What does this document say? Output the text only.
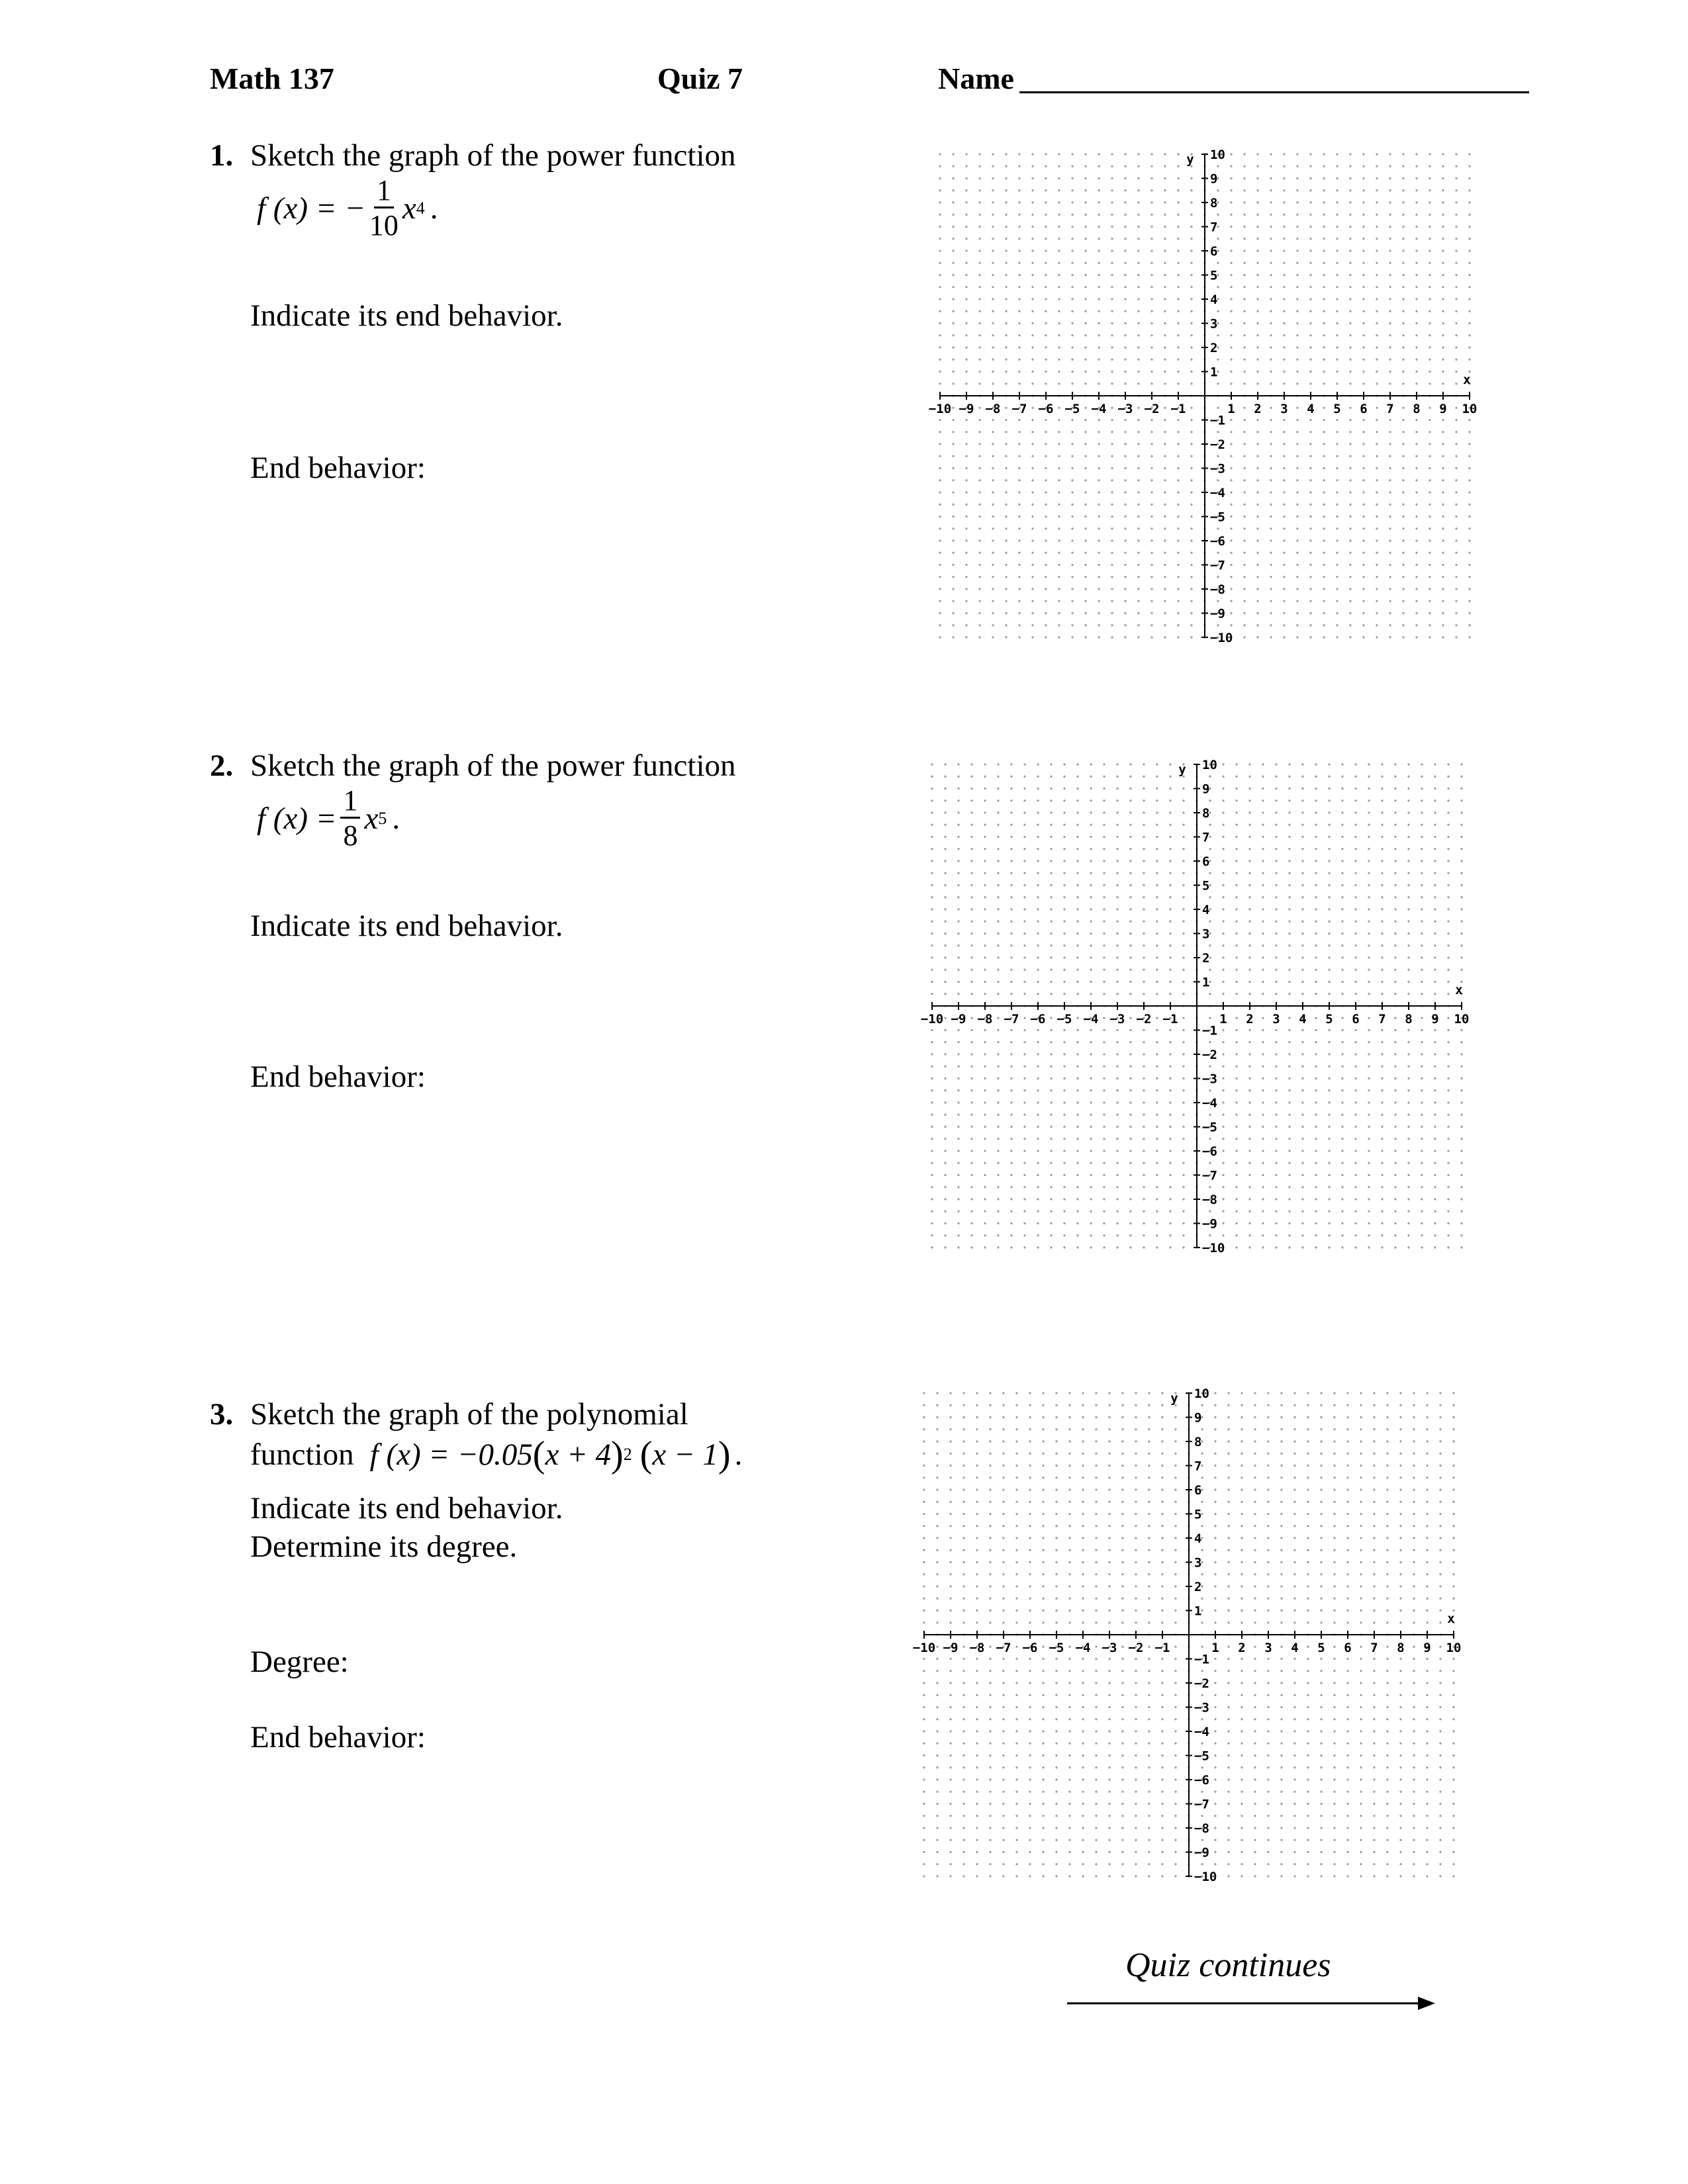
Math 137	Quiz 7	Name
1. Sketch the graph of the power function
f (x) = − $\frac{1}{10}$ x 4 .
Indicate its end behavior.
End behavior:
2. Sketch the graph of the power function
f $(x) = \frac{1}{8}$ x 5 .
Indicate its end behavior.
End behavior:
3. Sketch the graph of the polynomial
function f (x) = −0.05 ( x + 4 ) 2 ( x − 1 ) .
Indicate its end behavior.
Determine its degree.
Degree:
End behavior:
−10 −9 −8 −7 −6 −5 −4 −3 −2 −1	1 2 3 4 5 6 7 8 9 10
10
9
8
7
6
5
4
3
2
1
−1
−2
−3
−4
−5
−6
−7
−8
−9
−10
x
y
−10 −9 −8 −7 −6 −5 −4 −3 −2 −1	1 2 3 4 5 6 7 8 9 10
10
9
8
7
6
5
4
3
2
1
−1
−2
−3
−4
−5
−6
−7
−8
−9
−10
x
y
−10 −9 −8 −7 −6 −5 −4 −3 −2 −1	1 2 3 4 5 6 7 8 9 10
10
9
8
7
6
5
4
3
2
1
−1
−2
−3
−4
−5
−6
−7
−8
−9
−10
x
y
Quiz continues
